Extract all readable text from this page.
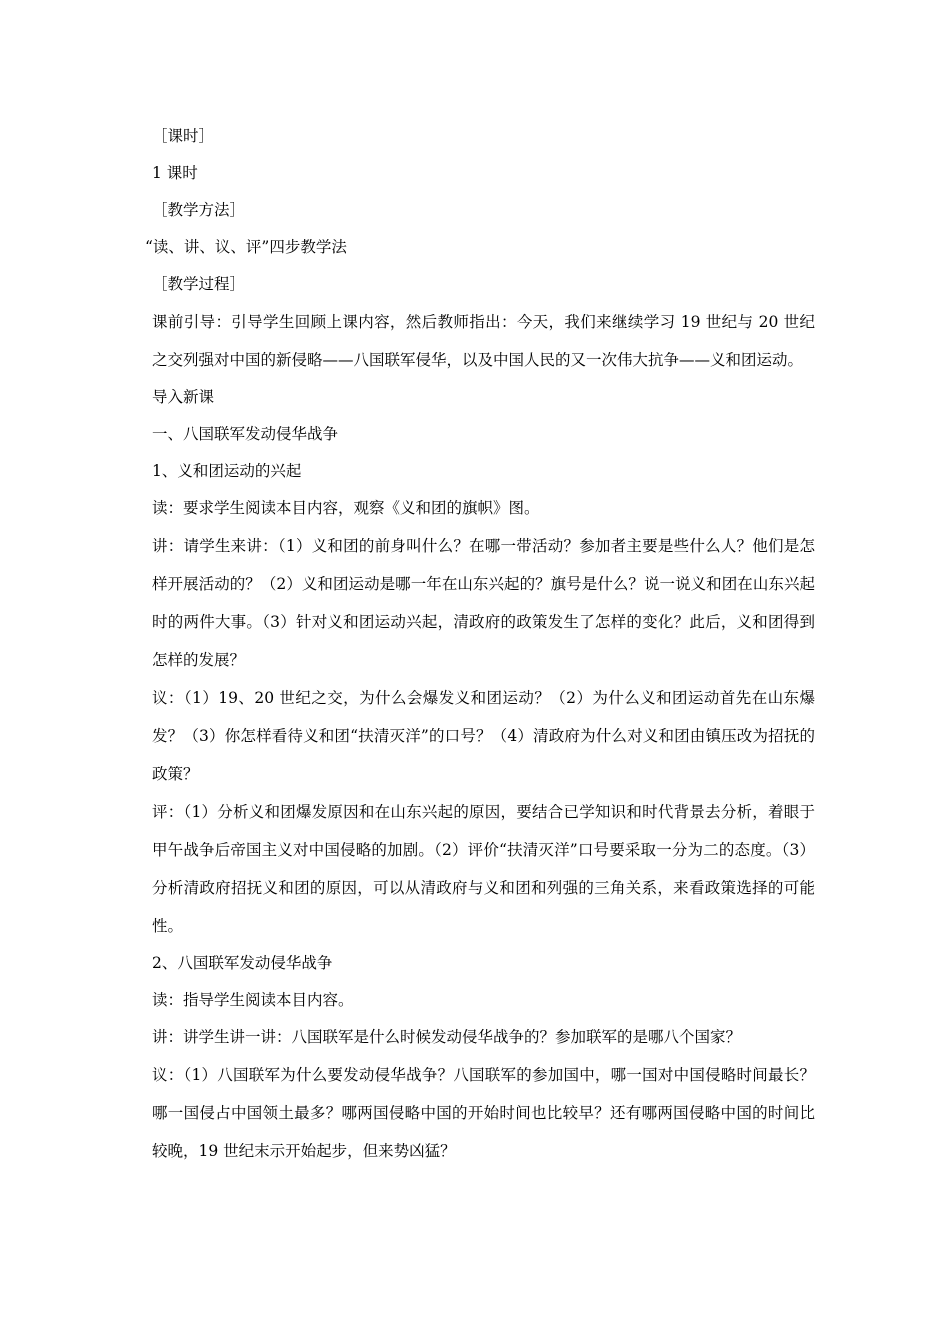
［课时］

1 课时

［教学方法］

“读、讲、议、评”四步教学法

［教学过程］

课前引导：引导学生回顾上课内容，然后教师指出：今天，我们来继续学习 19 世纪与 20 世纪之交列强对中国的新侵略——八国联军侵华，以及中国人民的又一次伟大抗争——义和团运动。

导入新课

一、八国联军发动侵华战争

1、义和团运动的兴起

读：要求学生阅读本目内容，观察《义和团的旗帜》图。

讲：请学生来讲：（1）义和团的前身叫什么？在哪一带活动？参加者主要是些什么人？他们是怎样开展活动的？（2）义和团运动是哪一年在山东兴起的？旗号是什么？说一说义和团在山东兴起时的两件大事。（3）针对义和团运动兴起，清政府的政策发生了怎样的变化？此后，义和团得到怎样的发展？

议：（1）19、20 世纪之交，为什么会爆发义和团运动？（2）为什么义和团运动首先在山东爆发？（3）你怎样看待义和团“扶清灭洋”的口号？（4）清政府为什么对义和团由镇压改为招抚的政策？

评：（1）分析义和团爆发原因和在山东兴起的原因，要结合已学知识和时代背景去分析，着眼于甲午战争后帝国主义对中国侵略的加剧。（2）评价“扶清灭洋”口号要采取一分为二的态度。（3）分析清政府招抚义和团的原因，可以从清政府与义和团和列强的三角关系，来看政策选择的可能性。

2、八国联军发动侵华战争

读：指导学生阅读本目内容。

讲：讲学生讲一讲：八国联军是什么时候发动侵华战争的？参加联军的是哪八个国家？

议：（1）八国联军为什么要发动侵华战争？八国联军的参加国中，哪一国对中国侵略时间最长？哪一国侵占中国领土最多？哪两国侵略中国的开始时间也比较早？还有哪两国侵略中国的时间比较晚，19 世纪末示开始起步，但来势凶猛？
